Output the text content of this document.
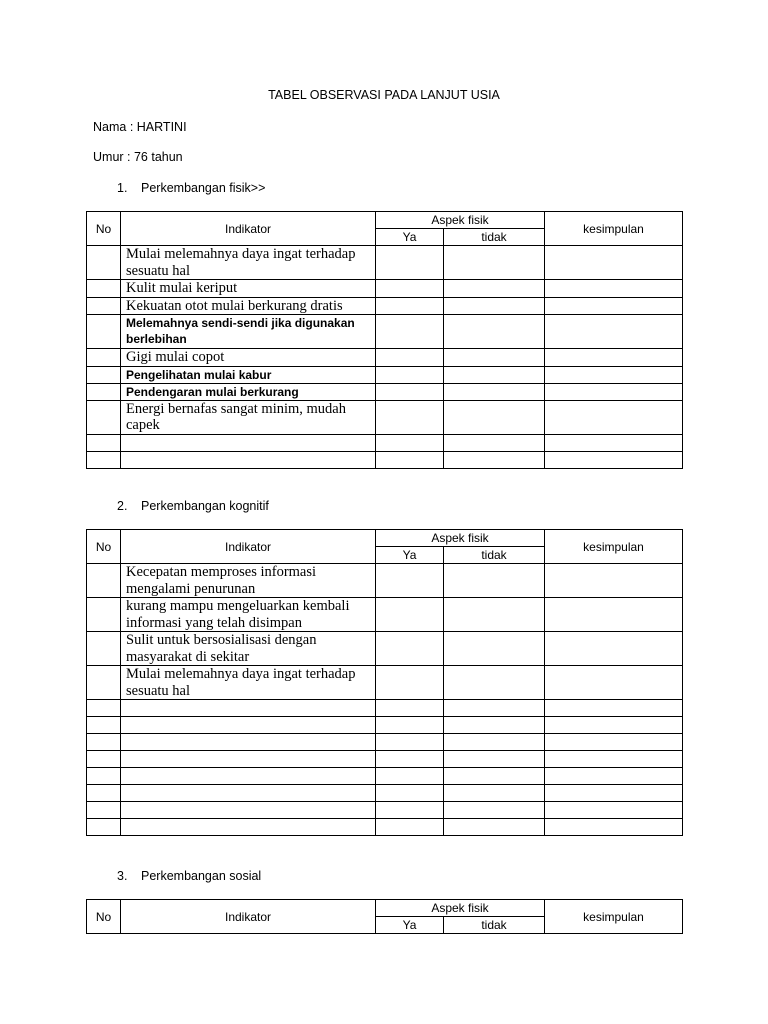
TABEL OBSERVASI PADA LANJUT USIA
Nama : HARTINI
Umur : 76 tahun
1. Perkembangan fisik>>
No	Indikator	Aspek fisik		kesimpulan
		Ya	tidak	
	Mulai melemahnya daya ingat terhadap sesuatu hal			
	Kulit mulai keriput			
	Kekuatan otot mulai berkurang dratis			
	Melemahnya sendi-sendi jika digunakan berlebihan			
	Gigi mulai copot			
	Pengelihatan mulai kabur			
	Pendengaran mulai berkurang			
	Energi bernafas sangat minim, mudah capek			

2. Perkembangan kognitif
No	Indikator	Aspek fisik		kesimpulan
		Ya	tidak	
	Kecepatan memproses informasi mengalami penurunan			
	kurang mampu mengeluarkan kembali informasi yang telah disimpan			
	Sulit untuk bersosialisasi dengan masyarakat di sekitar			
	Mulai melemahnya daya ingat terhadap sesuatu hal			

3. Perkembangan sosial
No	Indikator	Aspek fisik		kesimpulan
		Ya	tidak	
